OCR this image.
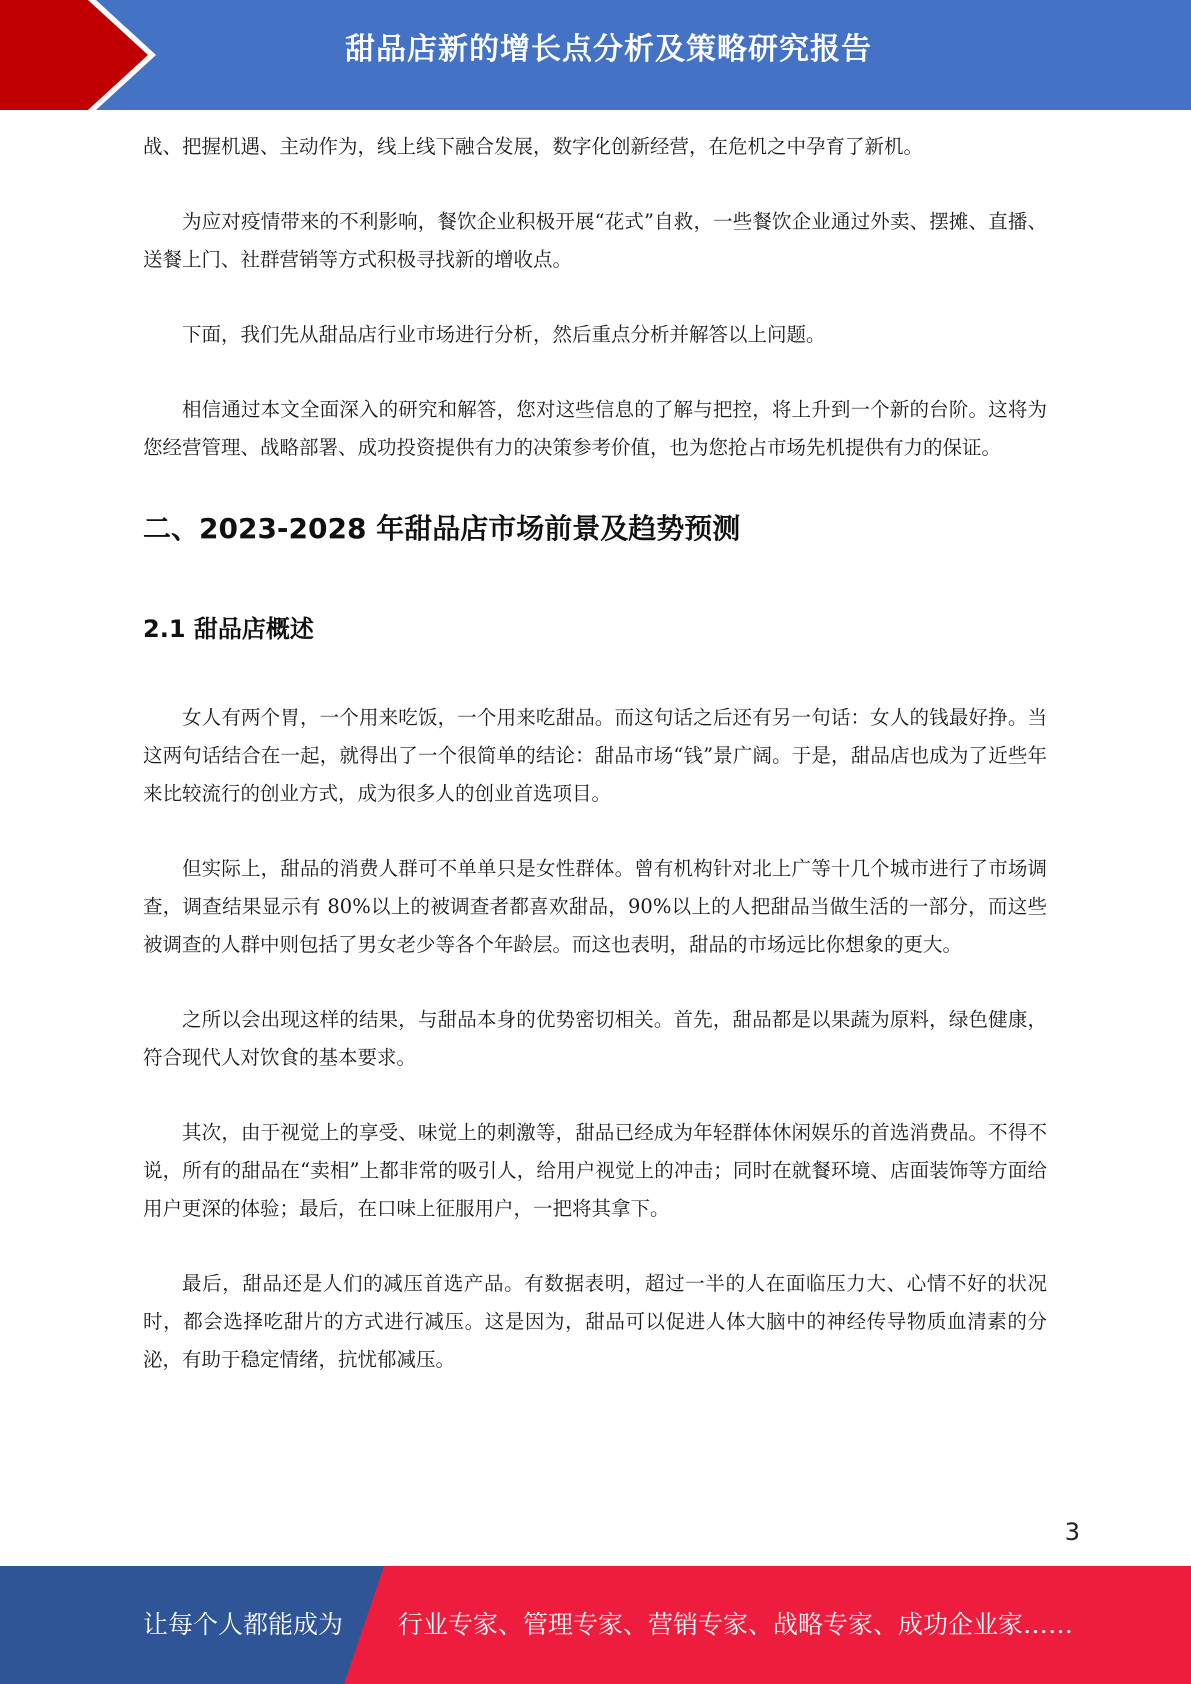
甜品店新的增长点分析及策略研究报告

战、把握机遇、主动作为，线上线下融合发展，数字化创新经营，在危机之中孕育了新机。

为应对疫情带来的不利影响，餐饮企业积极开展“花式”自救，一些餐饮企业通过外卖、摆摊、直播、送餐上门、社群营销等方式积极寻找新的增收点。

下面，我们先从甜品店行业市场进行分析，然后重点分析并解答以上问题。

相信通过本文全面深入的研究和解答，您对这些信息的了解与把控，将上升到一个新的台阶。这将为您经营管理、战略部署、成功投资提供有力的决策参考价值，也为您抢占市场先机提供有力的保证。

二、2023-2028 年甜品店市场前景及趋势预测
2.1 甜品店概述

女人有两个胃，一个用来吃饭，一个用来吃甜品。而这句话之后还有另一句话：女人的钱最好挣。当这两句话结合在一起，就得出了一个很简单的结论：甜品市场“钱”景广阔。于是，甜品店也成为了近些年来比较流行的创业方式，成为很多人的创业首选项目。

但实际上，甜品的消费人群可不单单只是女性群体。曾有机构针对北上广等十几个城市进行了市场调查，调查结果显示有 80%以上的被调查者都喜欢甜品，90%以上的人把甜品当做生活的一部分，而这些被调查的人群中则包括了男女老少等各个年龄层。而这也表明，甜品的市场远比你想象的更大。

之所以会出现这样的结果，与甜品本身的优势密切相关。首先，甜品都是以果蔬为原料，绿色健康，符合现代人对饮食的基本要求。

其次，由于视觉上的享受、味觉上的刺激等，甜品已经成为年轻群体休闲娱乐的首选消费品。不得不说，所有的甜品在“卖相”上都非常的吸引人，给用户视觉上的冲击；同时在就餐环境、店面装饰等方面给用户更深的体验；最后，在口味上征服用户，一把将其拿下。

最后，甜品还是人们的减压首选产品。有数据表明，超过一半的人在面临压力大、心情不好的状况时，都会选择吃甜片的方式进行减压。这是因为，甜品可以促进人体大脑中的神经传导物质血清素的分泌，有助于稳定情绪，抗忧郁减压。

3
让每个人都能成为 行业专家、管理专家、营销专家、战略专家、成功企业家……
